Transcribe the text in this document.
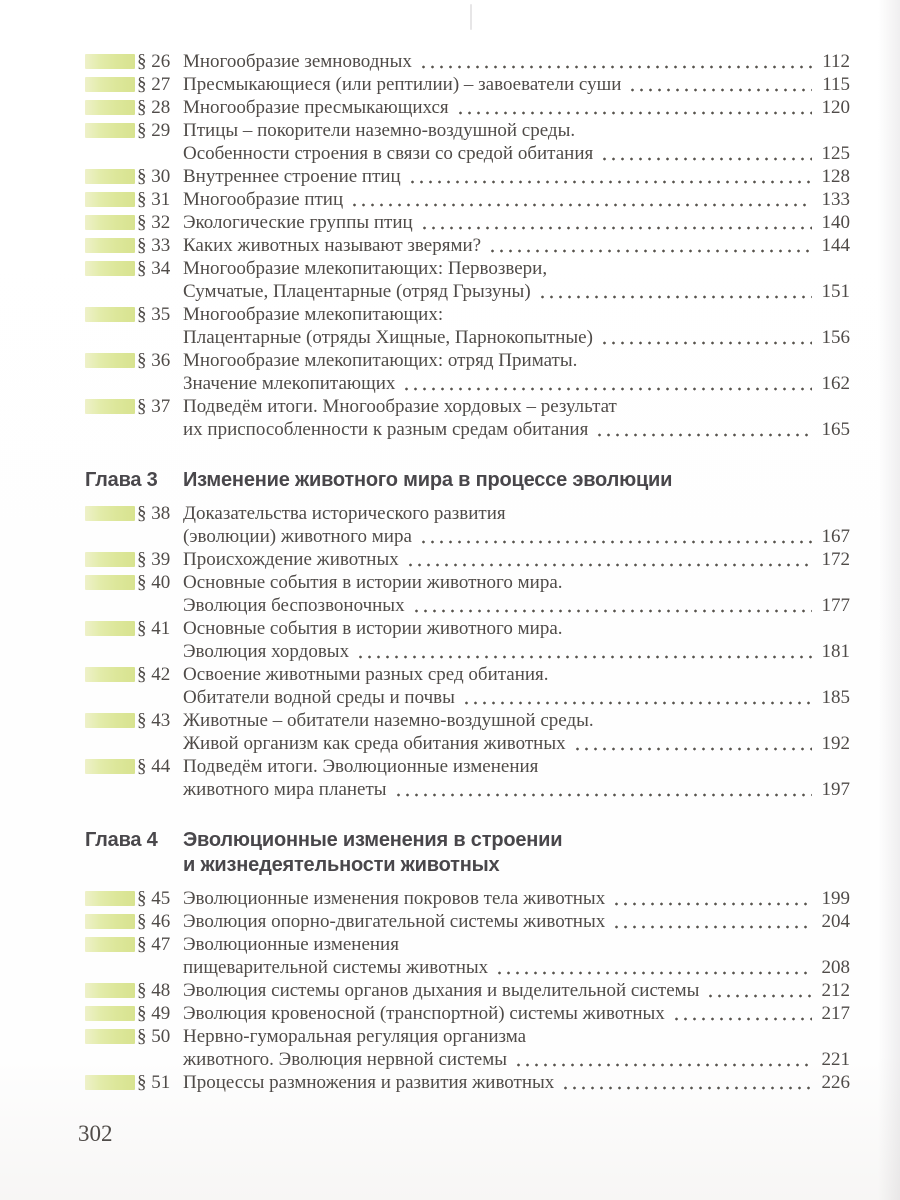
§ 26 Многообразие земноводных	112
§ 27 Пресмыкающиеся (или рептилии) – завоеватели суши	115
§ 28 Многообразие пресмыкающихся	120
§ 29 Птицы – покорители наземно-воздушной среды.
Особенности строения в связи со средой обитания	125
§ 30 Внутреннее строение птиц	128
§ 31 Многообразие птиц	133
§ 32 Экологические группы птиц	140
§ 33 Каких животных называют зверями?	144
§ 34 Многообразие млекопитающих: Первозвери,
Сумчатые, Плацентарные (отряд Грызуны)	151
§ 35 Многообразие млекопитающих:
Плацентарные (отряды Хищные, Парнокопытные)	156
§ 36 Многообразие млекопитающих: отряд Приматы.
Значение млекопитающих	162
§ 37 Подведём итоги. Многообразие хордовых – результат
их приспособленности к разным средам обитания	165
Глава 3	Изменение животного мира в процессе эволюции
§ 38 Доказательства исторического развития
(эволюции) животного мира	167
§ 39 Происхождение животных	172
§ 40 Основные события в истории животного мира.
Эволюция беспозвоночных	177
§ 41 Основные события в истории животного мира.
Эволюция хордовых	181
§ 42 Освоение животными разных сред обитания.
Обитатели водной среды и почвы	185
§ 43 Животные – обитатели наземно-воздушной среды.
Живой организм как среда обитания животных	192
§ 44 Подведём итоги. Эволюционные изменения
животного мира планеты	197
Глава 4	Эволюционные изменения в строении
и жизнедеятельности животных
§ 45 Эволюционные изменения покровов тела животных	199
§ 46 Эволюция опорно-двигательной системы животных	204
§ 47 Эволюционные изменения
пищеварительной системы животных	208
§ 48 Эволюция системы органов дыхания и выделительной системы	212
§ 49 Эволюция кровеносной (транспортной) системы животных	217
§ 50 Нервно-гуморальная регуляция организма
животного. Эволюция нервной системы	221
§ 51 Процессы размножения и развития животных	226
302
